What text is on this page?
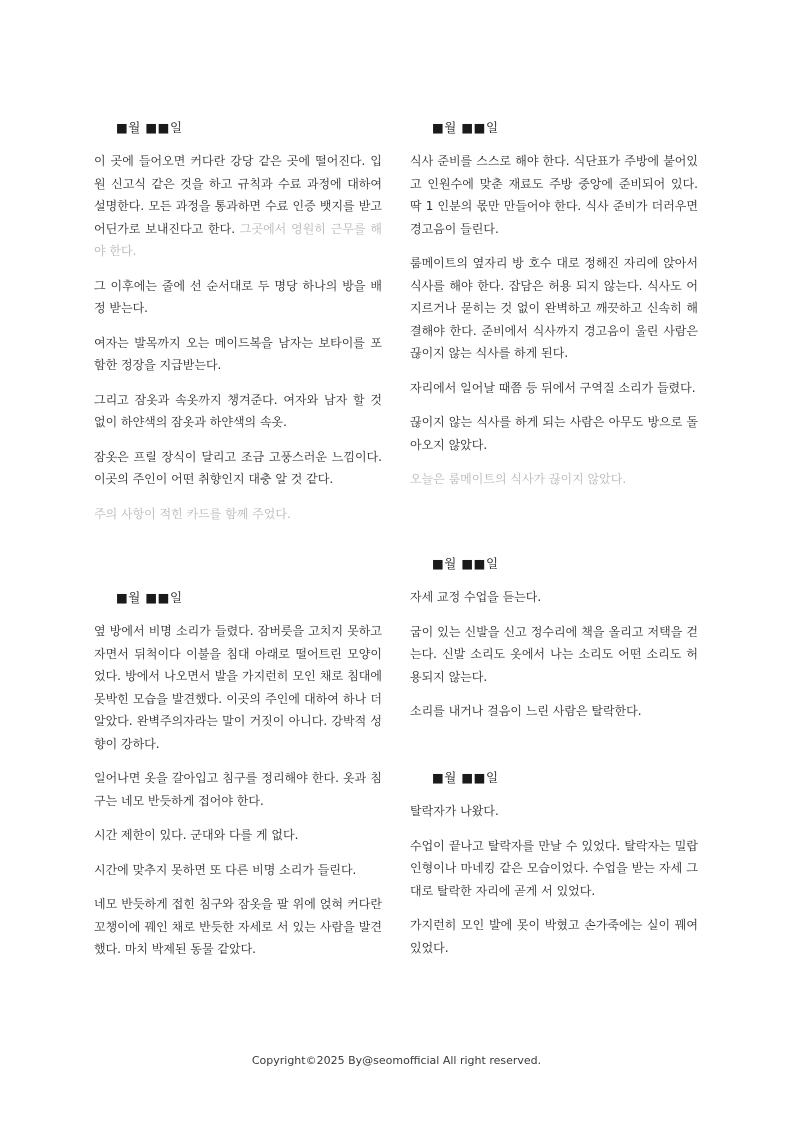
■월 ■■일

이 곳에 들어오면 커다란 강당 같은 곳에 떨어진다. 입원 신고식 같은 것을 하고 규칙과 수료 과정에 대하여 설명한다. 모든 과정을 통과하면 수료 인증 뱃지를 받고 어딘가로 보내진다고 한다. 그곳에서 영원히 근무를 해야 한다.

그 이후에는 줄에 선 순서대로 두 명당 하나의 방을 배정 받는다.

여자는 발목까지 오는 메이드복을 남자는 보타이를 포함한 정장을 지급받는다.

그리고 잠옷과 속옷까지 챙겨준다. 여자와 남자 할 것 없이 하얀색의 잠옷과 하얀색의 속옷.

잠옷은 프릴 장식이 달리고 조금 고풍스러운 느낌이다. 이곳의 주인이 어떤 취향인지 대충 알 것 같다.

주의 사항이 적힌 카드를 함께 주었다.

■월 ■■일

식사 준비를 스스로 해야 한다. 식단표가 주방에 붙어있고 인원수에 맞춘 재료도 주방 중앙에 준비되어 있다. 딱 1 인분의 몫만 만들어야 한다. 식사 준비가 더러우면 경고음이 들린다.

룸메이트의 옆자리 방 호수 대로 정해진 자리에 앉아서 식사를 해야 한다. 잡담은 허용 되지 않는다. 식사도 어지르거나 묻히는 것 없이 완벽하고 깨끗하고 신속히 해결해야 한다. 준비에서 식사까지 경고음이 울린 사람은 끊이지 않는 식사를 하게 된다.

자리에서 일어날 때쯤 등 뒤에서 구역질 소리가 들렸다.

끊이지 않는 식사를 하게 되는 사람은 아무도 방으로 돌아오지 않았다.

오늘은 룸메이트의 식사가 끊이지 않았다.

■월 ■■일

옆 방에서 비명 소리가 들렸다. 잠버릇을 고치지 못하고 자면서 뒤척이다 이불을 침대 아래로 떨어트린 모양이었다. 방에서 나오면서 발을 가지런히 모인 채로 침대에 못박힌 모습을 발견했다. 이곳의 주인에 대하여 하나 더 알았다. 완벽주의자라는 말이 거짓이 아니다. 강박적 성향이 강하다.

일어나면 옷을 갈아입고 침구를 정리해야 한다. 옷과 침구는 네모 반듯하게 접어야 한다.

시간 제한이 있다. 군대와 다를 게 없다.

시간에 맞추지 못하면 또 다른 비명 소리가 들린다.

네모 반듯하게 접힌 침구와 잠옷을 팔 위에 얹혀 커다란 꼬챙이에 꿰인 채로 반듯한 자세로 서 있는 사람을 발견했다. 마치 박제된 동물 같았다.

■월 ■■일

자세 교정 수업을 듣는다.

굽이 있는 신발을 신고 정수리에 책을 올리고 저택을 걷는다. 신발 소리도 옷에서 나는 소리도 어떤 소리도 허용되지 않는다.

소리를 내거나 걸음이 느린 사람은 탈락한다.

■월 ■■일

탈락자가 나왔다.

수업이 끝나고 탈락자를 만날 수 있었다. 탈락자는 밀랍 인형이나 마네킹 같은 모습이었다. 수업을 받는 자세 그대로 탈락한 자리에 곧게 서 있었다.

가지런히 모인 발에 못이 박혔고 손가죽에는 실이 꿰여있었다.

Copyright©2025 By@seomofficial All right reserved.
